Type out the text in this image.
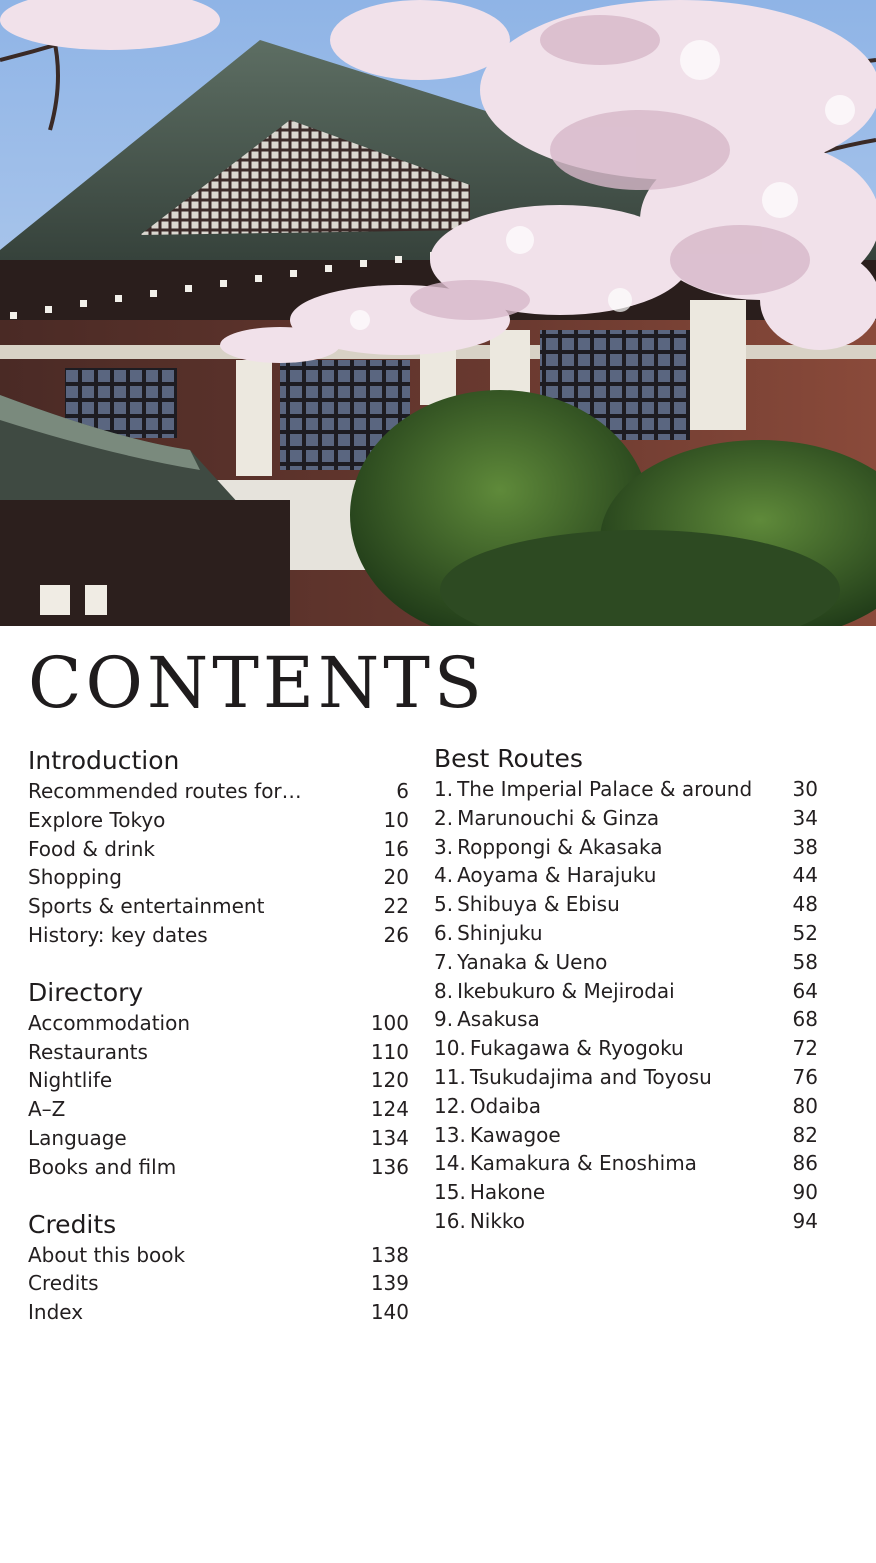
CONTENTS
Introduction
Recommended routes for…	6
Explore Tokyo	10
Food & drink	16
Shopping	20
Sports & entertainment	22
History: key dates	26
Directory
Accommodation	100
Restaurants	110
Nightlife	120
A–Z	124
Language	134
Books and film	136
Credits
About this book	138
Credits	139
Index	140
Best Routes
1. The Imperial Palace & around 30
2. Marunouchi & Ginza	34
3. Roppongi & Akasaka	38
4. Aoyama & Harajuku	44
5. Shibuya & Ebisu	48
6. Shinjuku	52
7. Yanaka & Ueno	58
8. Ikebukuro & Mejirodai	64
9. Asakusa	68
10. Fukagawa & Ryogoku	72
11. Tsukudajima and Toyosu	76
12. Odaiba	80
13. Kawagoe	82
14. Kamakura & Enoshima	86
15. Hakone	90
16. Nikko	94
